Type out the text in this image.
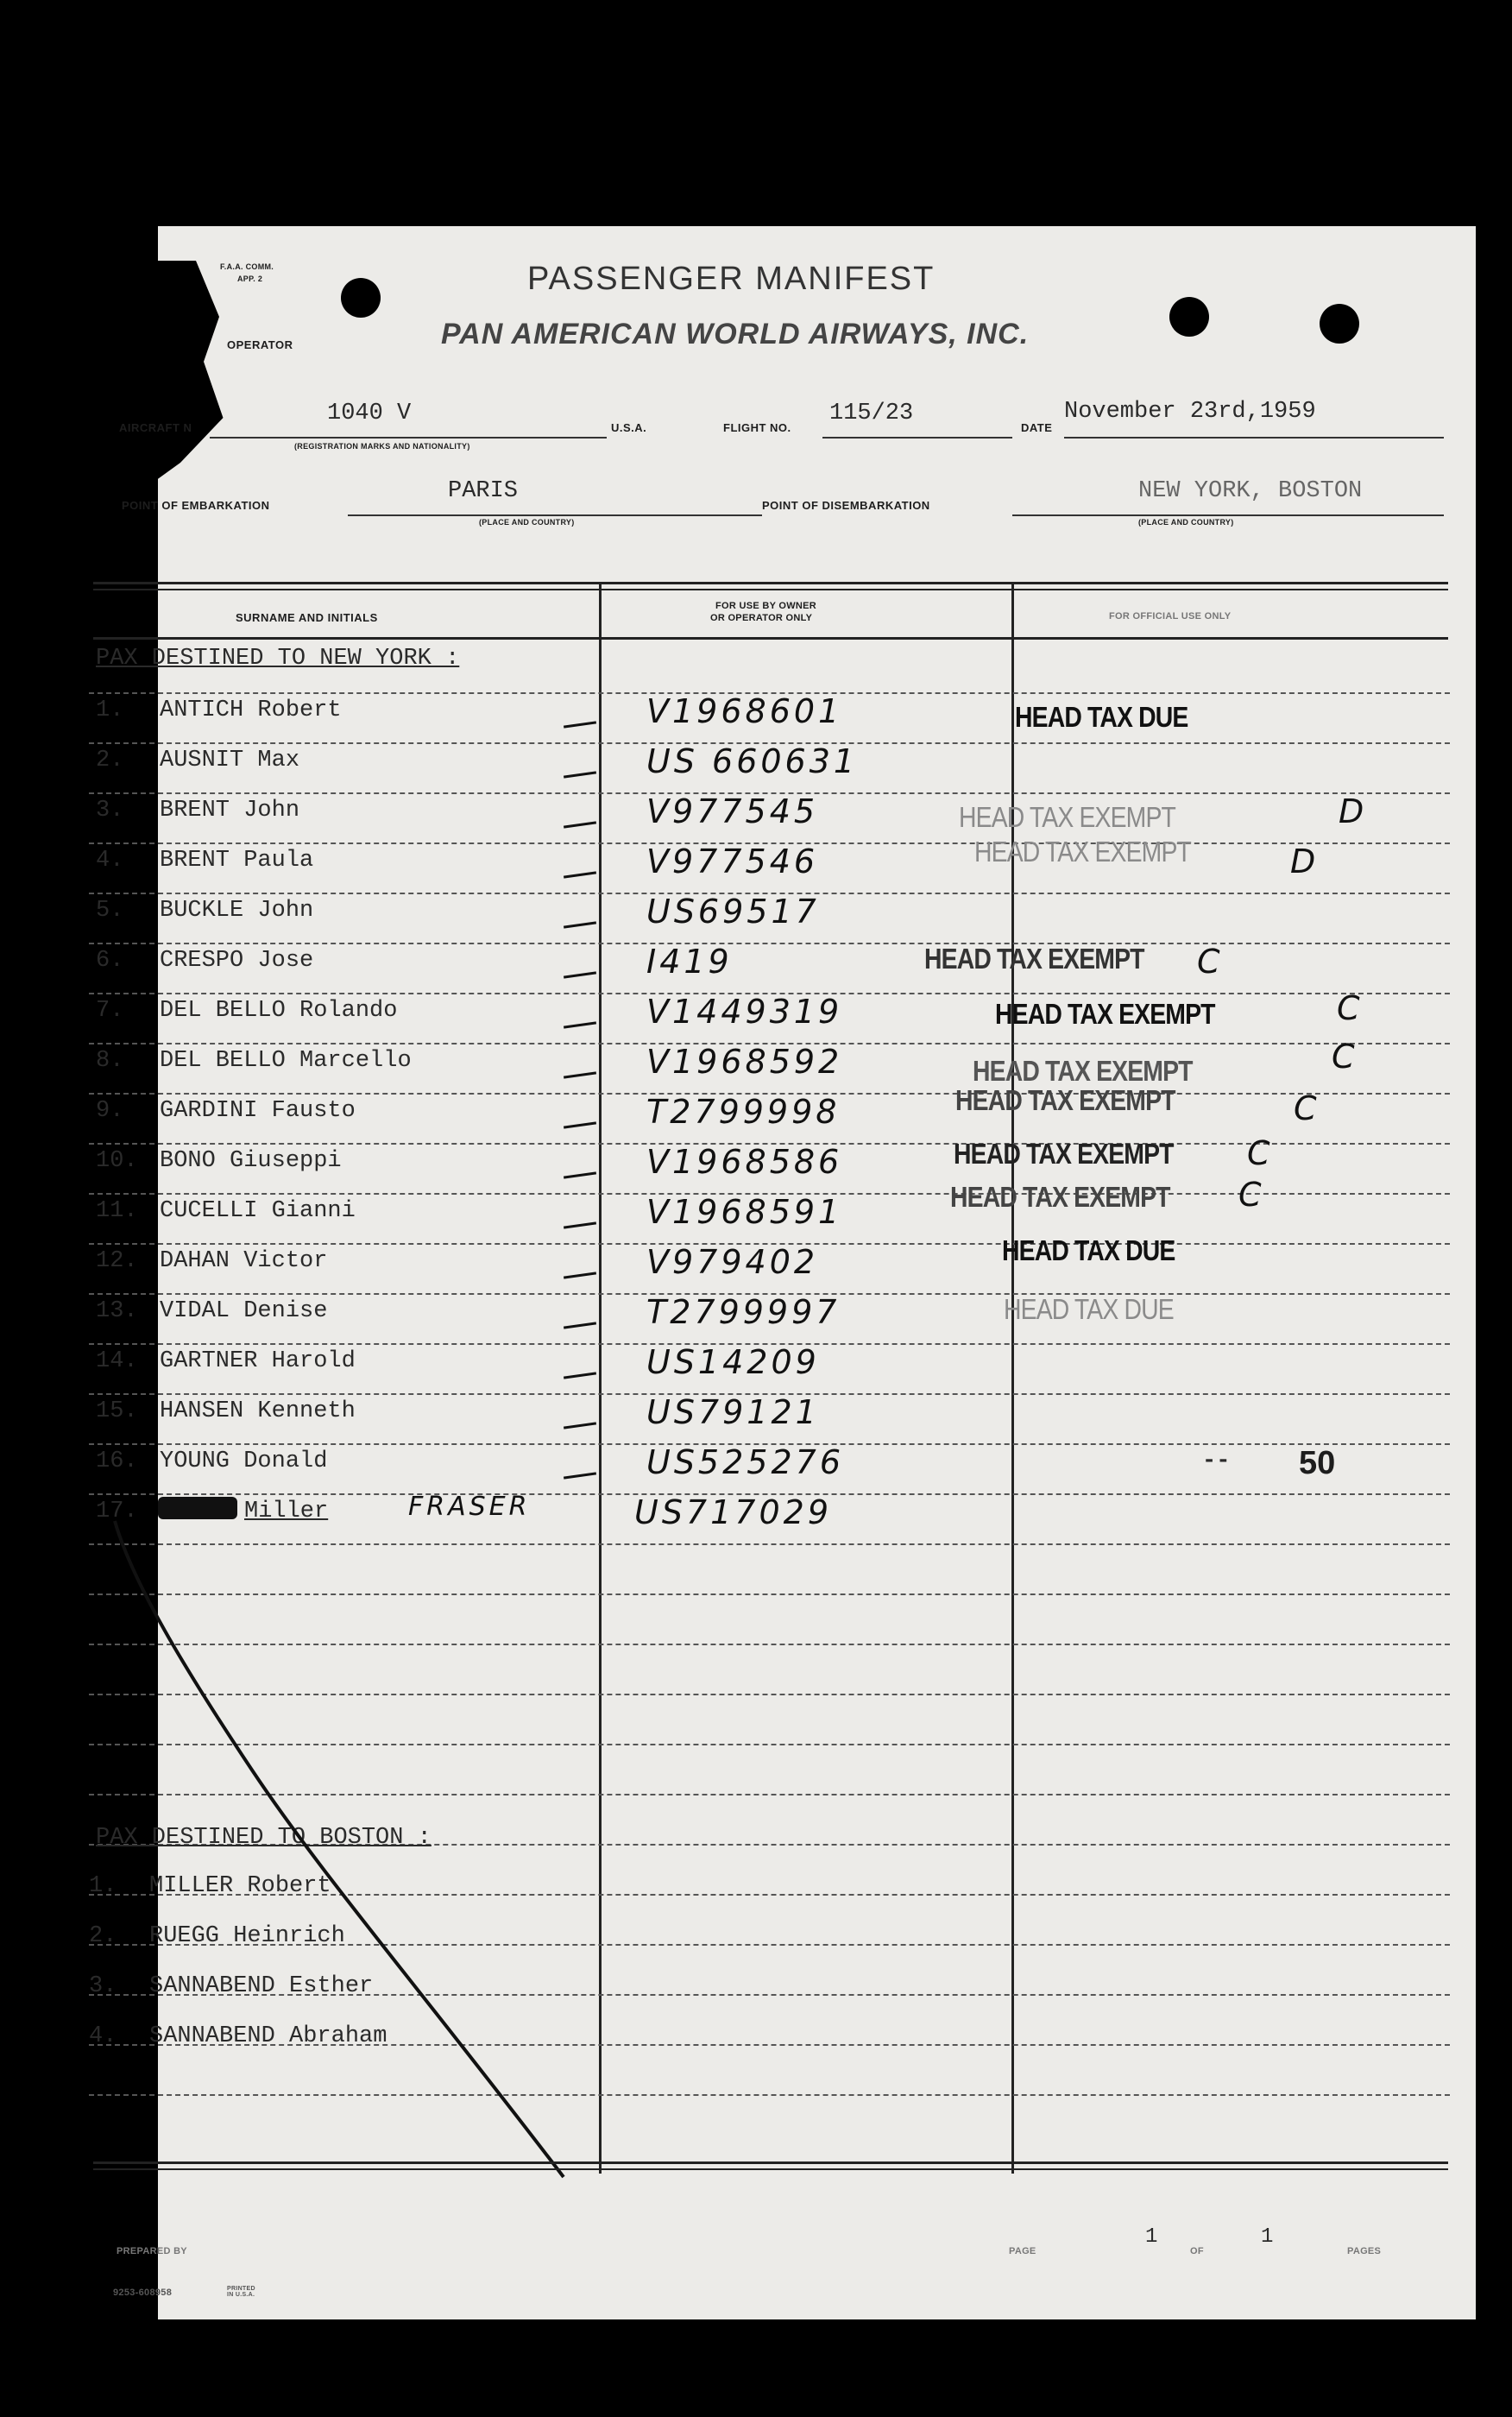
F.A.A. COMM.
APP. 2
OPERATOR
PASSENGER MANIFEST
PAN AMERICAN WORLD AIRWAYS, INC.
AIRCRAFT N
1040 V
(REGISTRATION MARKS AND NATIONALITY)
U.S.A.	FLIGHT NO.
115/23
DATE
November 23rd,1959
POINT OF EMBARKATION
PARIS
(PLACE AND COUNTRY)
POINT OF DISEMBARKATION
NEW YORK, BOSTON
(PLACE AND COUNTRY)
SURNAME AND INITIALS
FOR USE BY OWNER
OR OPERATOR ONLY	FOR OFFICIAL USE ONLY
PAX DESTINED TO NEW YORK :
1. ANTICH Robert	V1968601	HEAD TAX DUE
2. AUSNIT Max	US 660631
3. BRENT John	V977545	HEAD TAX EXEMPT	D
4. BRENT Paula	V977546	HEAD TAX EXEMPT	D
5. BUCKLE John	US69517
6. CRESPO Jose	I419	HEAD TAX EXEMPT C
7. DEL BELLO Rolando	V1449319	HEAD TAX EXEMPT	C
8. DEL BELLO Marcello	V1968592	HEAD TAX EXEMPT	C
9. GARDINI Fausto	T2799998	HEAD TAX EXEMPT	C
10. BONO Giuseppi	V1968586	HEAD TAX EXEMPT C
11. CUCELLI Gianni	V1968591	HEAD TAX EXEMPT C
12. DAHAN Victor	V979402	HEAD TAX DUE
13. VIDAL Denise	T2799997	HEAD TAX DUE
14. GARTNER Harold	US14209
15. HANSEN Kenneth	US79121
16. YOUNG Donald	US525276	-- 50
17.	Miller	FRASER	US717029
PAX DESTINED TO BOSTON :
1. MILLER Robert
2. RUEGG Heinrich
3. SANNABEND Esther
4. SANNABEND Abraham
PREPARED BY	PAGE
1
OF
1
PAGES
9253-608958	PRINTED IN U.S.A.
